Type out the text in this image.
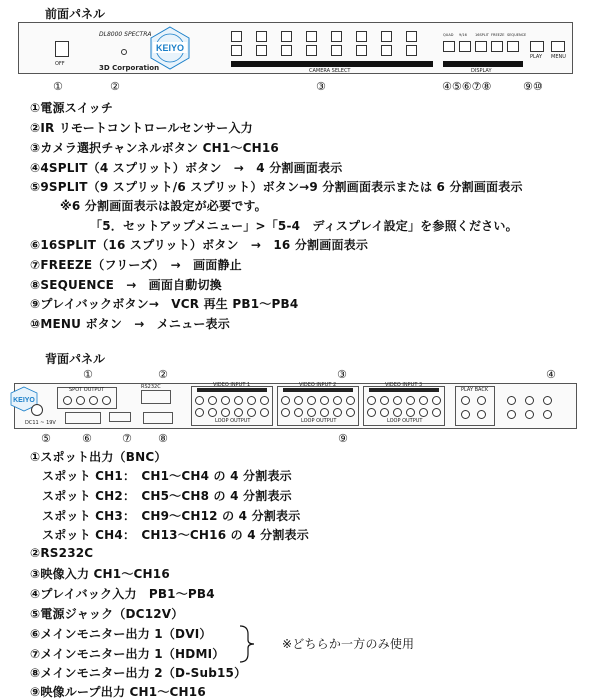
前面パネル
OFF
DL8000 SPECTRA
3D Corporation
KEIYO
CAMERA SELECT
QUAD 9/16 16SPLIT FREEZE SEQUENCE
DISPLAY
PLAY MENU
①	②	③	④⑤⑥⑦⑧	⑨⑩
①電源スイッチ
②IR リモートコントロールセンサー入力
③カメラ選択チャンネルボタン CH1〜CH16
④4SPLIT（4 スプリット）ボタン　→　4 分割画面表示
⑤9SPLIT（9 スプリット/6 スプリット）ボタン→9 分割画面表示または 6 分割画面表示
※6 分割画面表示は設定が必要です。
「5．セットアップメニュー」>「5-4　ディスプレイ設定」を参照ください。
⑥16SPLIT（16 スプリット）ボタン　→　16 分割画面表示
⑦FREEZE（フリーズ）　→　画面静止
⑧SEQUENCE　→　画面自動切換
⑨プレイバックボタン→　VCR 再生 PB1〜PB4
⑩MENU ボタン　→　メニュー表示
背面パネル
①	②	③	④
KEIYO
DC11 ~ 19V
SPOT OUTPUT	RS232C	VIDEO INPUT 1
LOOP OUTPUT
VIDEO INPUT 2
LOOP OUTPUT
VIDEO INPUT 3
LOOP OUTPUT
PLAY BACK
⑤	⑥	⑦ ⑧	⑨
①スポット出力（BNC）
スポット CH1：　CH1〜CH4 の 4 分割表示
スポット CH2：　CH5〜CH8 の 4 分割表示
スポット CH3：　CH9〜CH12 の 4 分割表示
スポット CH4：　CH13〜CH16 の 4 分割表示
②RS232C
③映像入力 CH1〜CH16
④プレイバック入力　PB1〜PB4
⑤電源ジャック（DC12V）
⑥メインモニター出力 1（DVI）
⑦メインモニター出力 1（HDMI）
⑧メインモニター出力 2（D-Sub15）
⑨映像ループ出力 CH1〜CH16
※どちらか一方のみ使用
